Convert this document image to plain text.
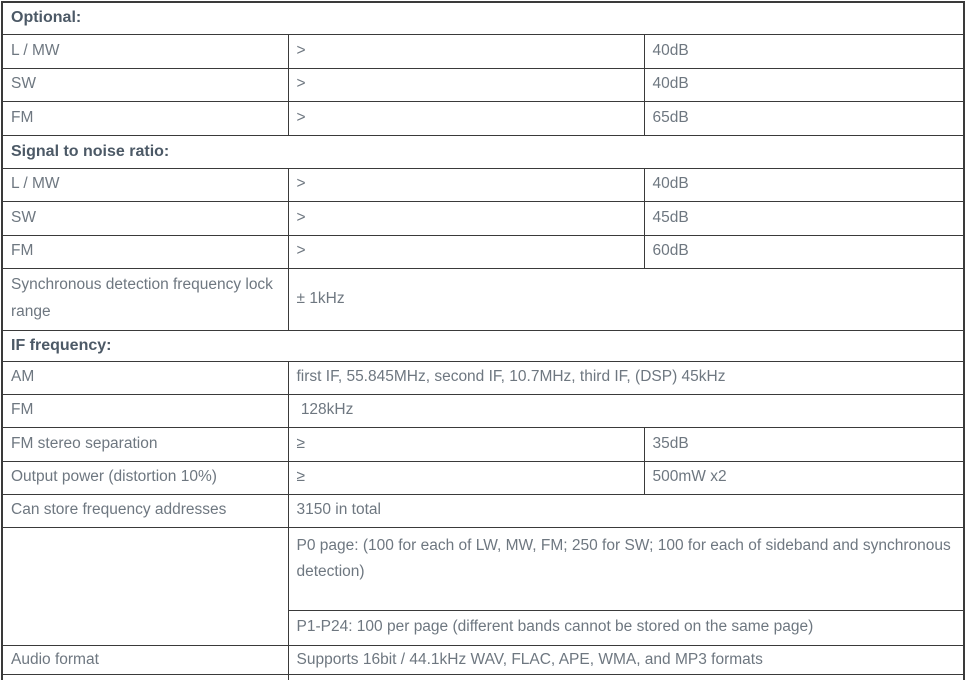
Optional:		
L / MW	>	40dB
SW	>	40dB
FM	>	65dB
Signal to noise ratio:		
L / MW	>	40dB
SW	>	45dB
FM	>	60dB
Synchronous detection frequency lock range	± 1kHz	
IF frequency:		
AM	first IF, 55.845MHz, second IF, 10.7MHz, third IF, (DSP) 45kHz	
FM	128kHz	
FM stereo separation	≥	35dB
Output power (distortion 10%)	≥	500mW x2
Can store frequency addresses	3150 in total	
	P0 page: (100 for each of LW, MW, FM; 250 for SW; 100 for each of sideband and synchronous detection)	
	P1-P24: 100 per page (different bands cannot be stored on the same page)	
Audio format	Supports 16bit / 44.1kHz WAV, FLAC, APE, WMA, and MP3 formats	
